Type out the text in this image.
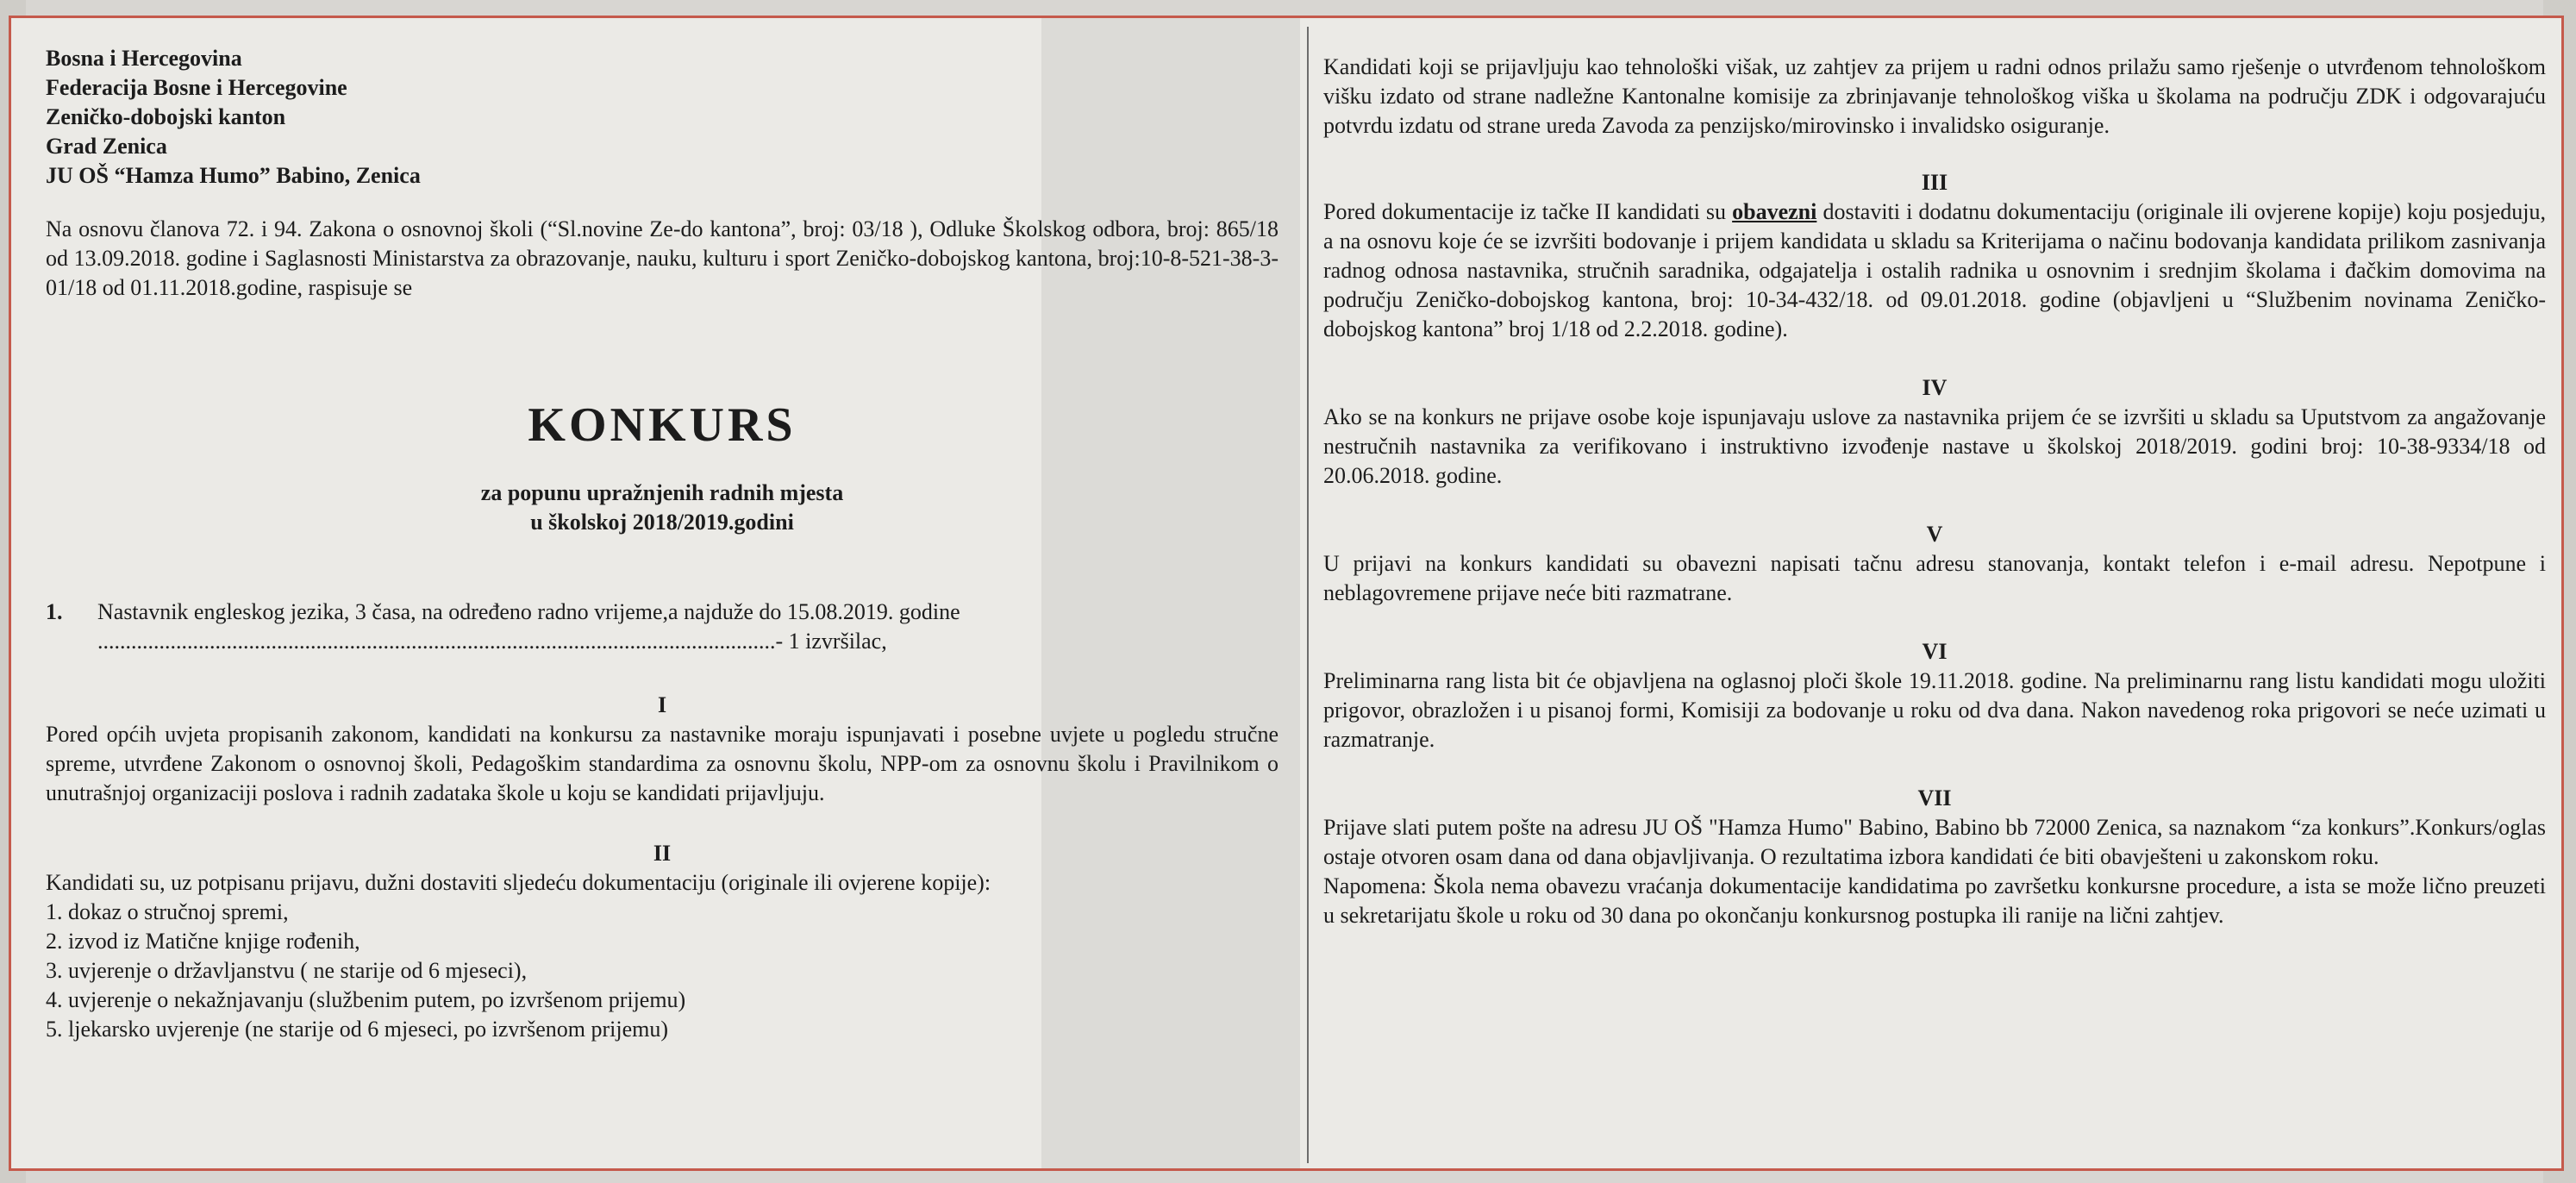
Bosna i Hercegovina
Federacija Bosne i Hercegovine
Zeničko-dobojski kanton
Grad Zenica
JU OŠ “Hamza Humo” Babino, Zenica

Na osnovu članova 72. i 94. Zakona o osnovnoj školi (“Sl.novine Ze-do kantona”, broj: 03/18 ), Odluke Školskog odbora, broj: 865/18 od 13.09.2018. godine i Saglasnosti Ministarstva za obrazovanje, nauku, kulturu i sport Zeničko-dobojskog kantona, broj:10-8-521-38-3-01/18 od 01.11.2018.godine, raspisuje se

KONKURS
za popunu upražnjenih radnih mjesta
u školskoj 2018/2019.godini
1.	Nastavnik engleskog jezika, 3 časa, na određeno radno vrijeme,a najduže do 15.08.2019. godine
.........................................................................................................................- 1 izvršilac,
I

Pored općih uvjeta propisanih zakonom, kandidati na konkursu za nastavnike moraju ispunjavati i posebne uvjete u pogledu stručne spreme, utvrđene Zakonom o osnovnoj školi, Pedagoškim standardima za osnovnu školu, NPP-om za osnovnu školu i Pravilnikom o unutrašnjoj organizaciji poslova i radnih zadataka škole u koju se kandidati prijavljuju.

II

Kandidati su, uz potpisanu prijavu, dužni dostaviti sljedeću dokumentaciju (originale ili ovjerene kopije):

1. dokaz o stručnoj spremi,
2. izvod iz Matične knjige rođenih,
3. uvjerenje o državljanstvu ( ne starije od 6 mjeseci),
4. uvjerenje o nekažnjavanju (službenim putem, po izvršenom prijemu)
5. ljekarsko uvjerenje (ne starije od 6 mjeseci, po izvršenom prijemu)

Kandidati koji se prijavljuju kao tehnološki višak, uz zahtjev za prijem u radni odnos prilažu samo rješenje o utvrđenom tehnološkom višku izdato od strane nadležne Kantonalne komisije za zbrinjavanje tehnološkog viška u školama na području ZDK i odgovarajuću potvrdu izdatu od strane ureda Zavoda za penzijsko/mirovinsko i invalidsko osiguranje.

III

Pored dokumentacije iz tačke II kandidati su obavezni dostaviti i dodatnu dokumentaciju (originale ili ovjerene kopije) koju posjeduju, a na osnovu koje će se izvršiti bodovanje i prijem kandidata u skladu sa Kriterijama o načinu bodovanja kandidata prilikom zasnivanja radnog odnosa nastavnika, stručnih saradnika, odgajatelja i ostalih radnika u osnovnim i srednjim školama i đačkim domovima na području Zeničko-dobojskog kantona, broj: 10-34-432/18. od 09.01.2018. godine (objavljeni u “Službenim novinama Zeničko-dobojskog kantona” broj 1/18 od 2.2.2018. godine).

IV

Ako se na konkurs ne prijave osobe koje ispunjavaju uslove za nastavnika prijem će se izvršiti u skladu sa Uputstvom za angažovanje nestručnih nastavnika za verifikovano i instruktivno izvođenje nastave u školskoj 2018/2019. godini broj: 10-38-9334/18 od 20.06.2018. godine.

V

U prijavi na konkurs kandidati su obavezni napisati tačnu adresu stanovanja, kontakt telefon i e-mail adresu. Nepotpune i neblagovremene prijave neće biti razmatrane.

VI

Preliminarna rang lista bit će objavljena na oglasnoj ploči škole 19.11.2018. godine. Na preliminarnu rang listu kandidati mogu uložiti prigovor, obrazložen i u pisanoj formi, Komisiji za bodovanje u roku od dva dana. Nakon navedenog roka prigovori se neće uzimati u razmatranje.

VII

Prijave slati putem pošte na adresu JU OŠ "Hamza Humo" Babino, Babino bb 72000 Zenica, sa naznakom “za konkurs”.Konkurs/oglas ostaje otvoren osam dana od dana objavljivanja. O rezultatima izbora kandidati će biti obavješteni u zakonskom roku.

Napomena: Škola nema obavezu vraćanja dokumentacije kandidatima po završetku konkursne procedure, a ista se može lično preuzeti u sekretarijatu škole u roku od 30 dana po okončanju konkursnog postupka ili ranije na lični zahtjev.
